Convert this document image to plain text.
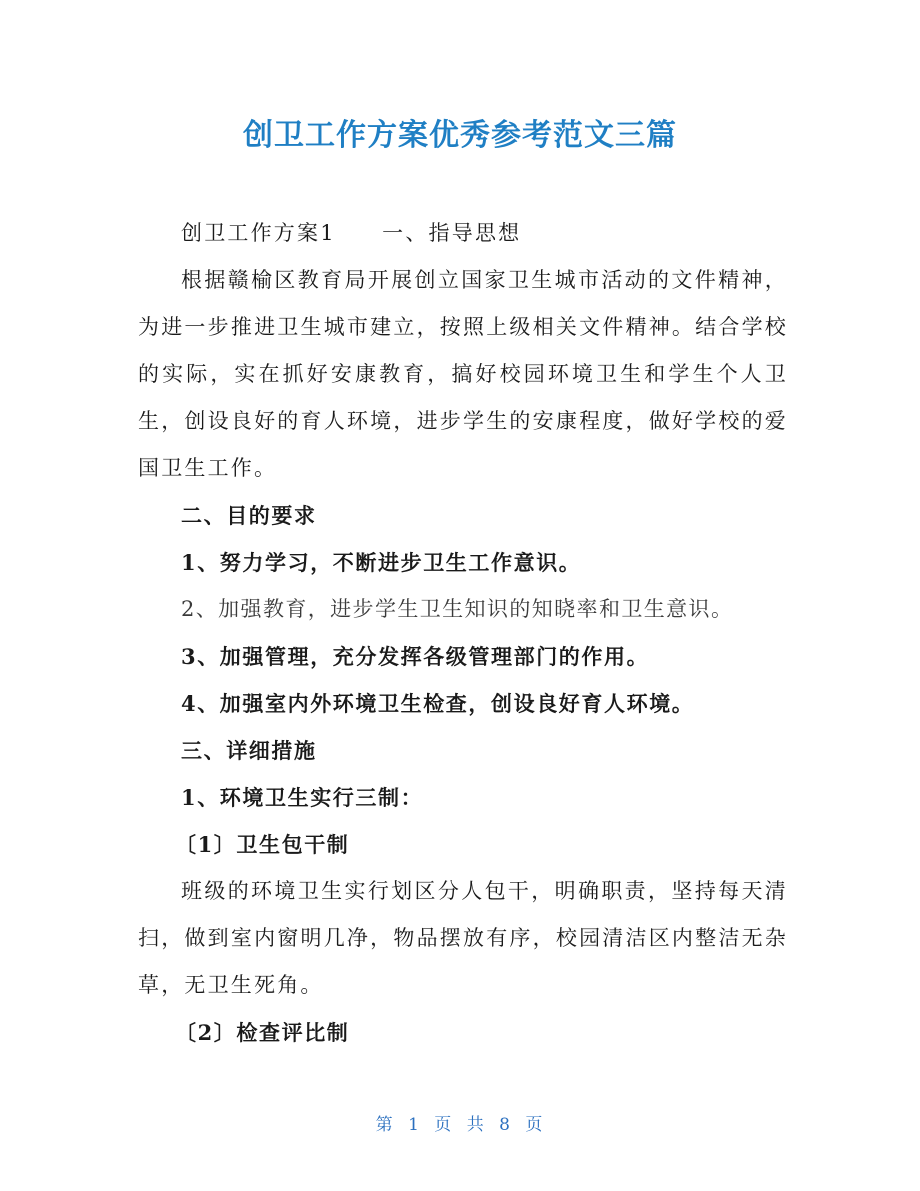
创卫工作方案优秀参考范文三篇

创卫工作方案1　　一、指导思想

根据赣榆区教育局开展创立国家卫生城市活动的文件精神，为进一步推进卫生城市建立，按照上级相关文件精神。结合学校的实际，实在抓好安康教育，搞好校园环境卫生和学生个人卫生，创设良好的育人环境，进步学生的安康程度，做好学校的爱国卫生工作。

二、目的要求

1、努力学习，不断进步卫生工作意识。

2、加强教育，进步学生卫生知识的知晓率和卫生意识。

3、加强管理，充分发挥各级管理部门的作用。

4、加强室内外环境卫生检查，创设良好育人环境。

三、详细措施

1、环境卫生实行三制：

〔1〕卫生包干制

班级的环境卫生实行划区分人包干，明确职责，坚持每天清扫，做到室内窗明几净，物品摆放有序，校园清洁区内整洁无杂草，无卫生死角。

〔2〕检查评比制

第 1 页 共 8 页
